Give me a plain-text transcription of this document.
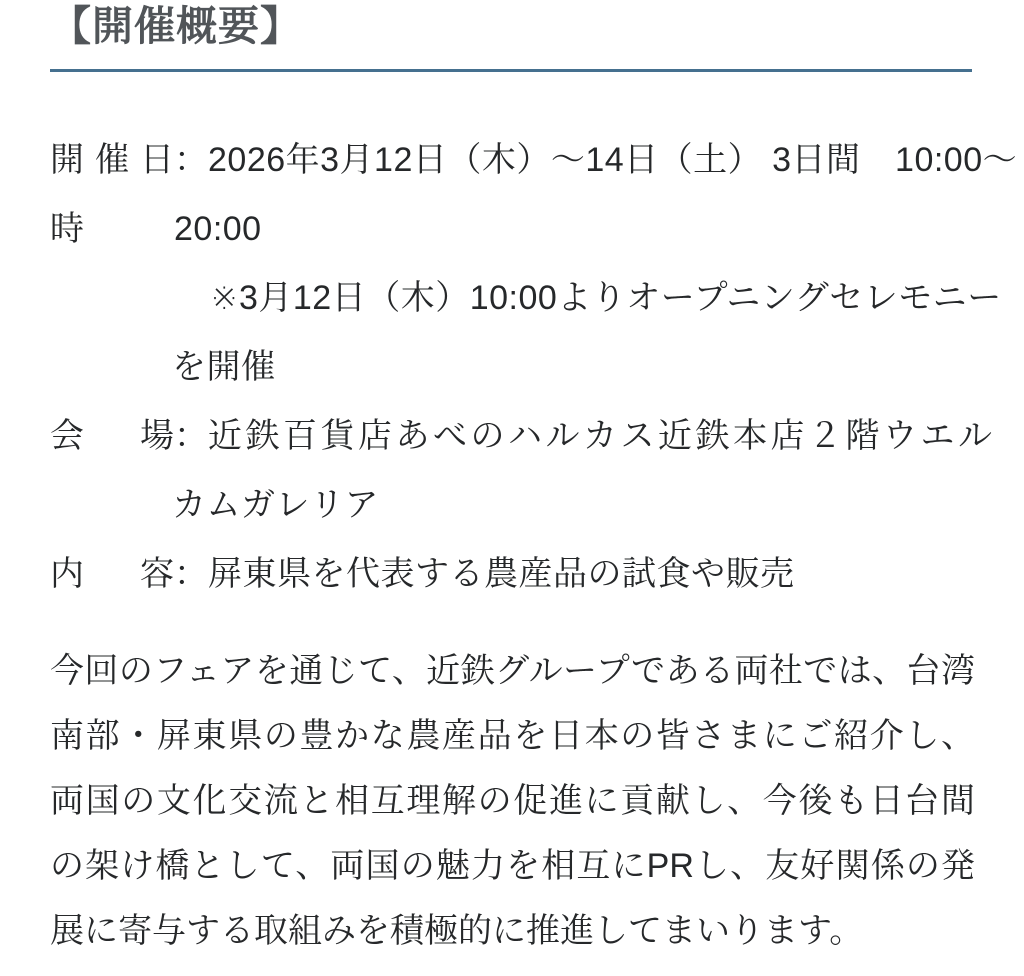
【開催概要】
開催日：2026年3月12日（木）～14日（土） 3日間　10:00～
時	20:00
※3月12日（木）10:00よりオープニングセレモニー
を開催
会場：近鉄百貨店あべのハルカス近鉄本店２階ウエル
カムガレリア
内容：屏東県を代表する農産品の試食や販売
今回のフェアを通じて、近鉄グループである両社では、台湾
南部・屏東県の豊かな農産品を日本の皆さまにご紹介し、
両国の文化交流と相互理解の促進に貢献し、今後も日台間
の架け橋として、両国の魅力を相互にPRし、友好関係の発
展に寄与する取組みを積極的に推進してまいります。
